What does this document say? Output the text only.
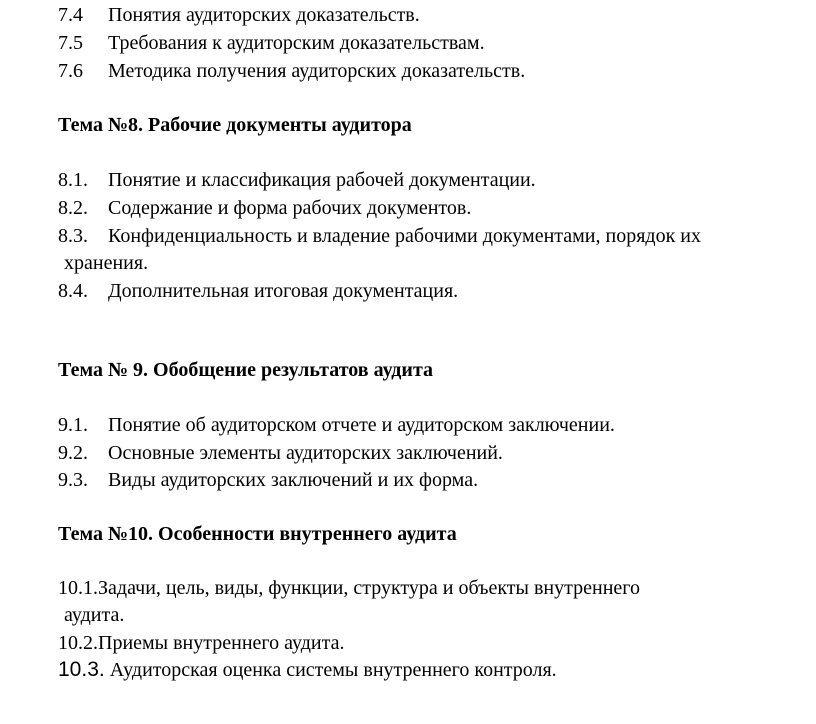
7.4 Понятия аудиторских доказательств.
7.5 Требования к аудиторским доказательствам.
7.6 Методика получения аудиторских доказательств.
Тема №8. Рабочие документы аудитора
8.1. Понятие и классификация рабочей документации.
8.2. Содержание и форма рабочих документов.
8.3. Конфиденциальность и владение рабочими документами, порядок их
хранения.
8.4. Дополнительная итоговая документация.
Тема № 9. Обобщение результатов аудита
9.1. Понятие об аудиторском отчете и аудиторском заключении.
9.2. Основные элементы аудиторских заключений.
9.3. Виды аудиторских заключений и их форма.
Тема №10. Особенности внутреннего аудита
10.1.Задачи, цель, виды, функции, структура и объекты внутреннего
аудита.
10.2.Приемы внутреннего аудита.
10.3. Аудиторская оценка системы внутреннего контроля.
